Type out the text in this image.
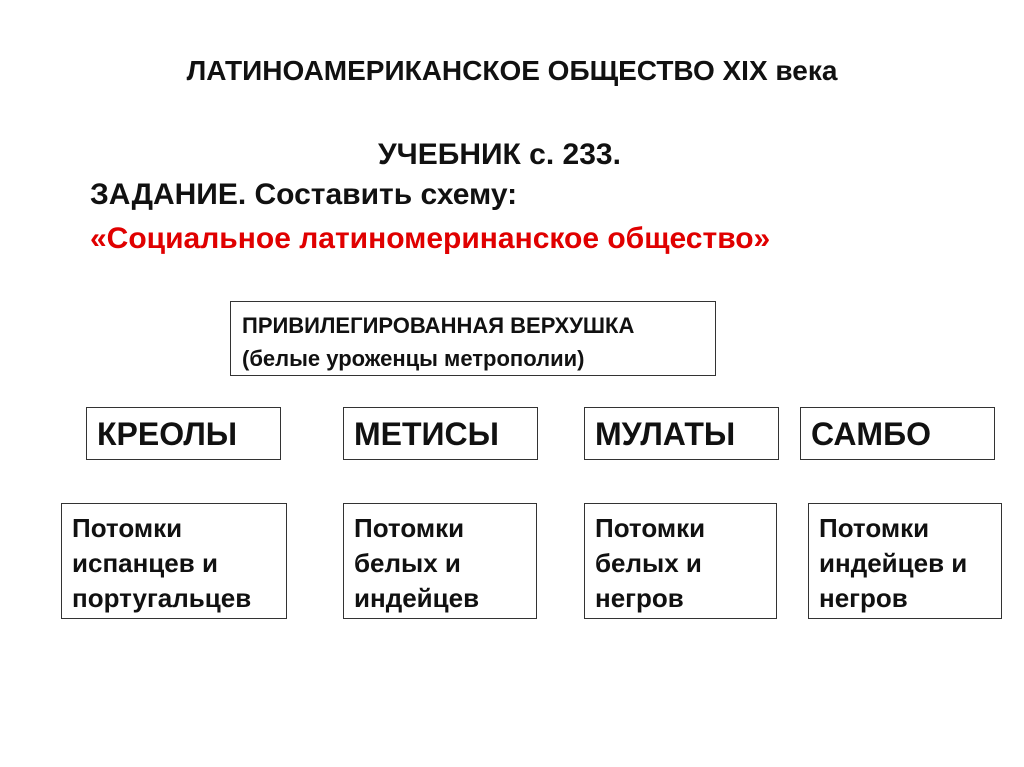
ЛАТИНОАМЕРИКАНСКОЕ ОБЩЕСТВО XIX века
УЧЕБНИК с. 233.
ЗАДАНИЕ. Составить схему:
«Социальное латиномеринанское общество»
ПРИВИЛЕГИРОВАННАЯ ВЕРХУШКА
(белые уроженцы метрополии)
КРЕОЛЫ	МЕТИСЫ	МУЛАТЫ	САМБО
Потомки
испанцев и
португальцев
Потомки
белых и
индейцев
Потомки
белых и
негров
Потомки
индейцев и
негров
